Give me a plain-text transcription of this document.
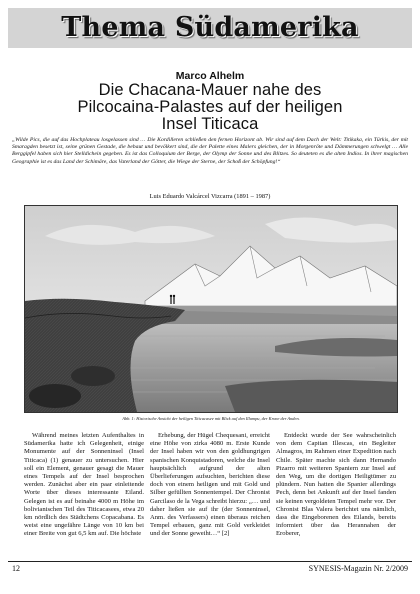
Thema Südamerika
Marco Alhelm
Die Chacana-Mauer nahe des
Pilcocaina-Palastes auf der heiligen
Insel Titicaca
„Wilde Pics, die auf das Hochplateau losgelassen sind … Die Kordilleren schließen den fernen Horizont ab. Wir sind auf dem Dach der Welt: Titikaka, ein Türkis, der mit Smaragden besetzt ist, seine grünen Gestade, die bebaut und bevölkert sind, die der Palette eines Malers gleichen, der in Morgenröte und Dämmerungen schwelgt … Alle Berggipfel haben sich hier Stelldichein gegeben. Es ist das Colloquium der Berge, der Olymp der Sonne und des Blitzes. So deuteten es die alten Indios. In ihrer magischen Geographie ist es das Land der Schimäre, das Vaterland der Götter, die Wiege der Sterne, der Schoß der Schöpfung!“
Luis Eduardo Valcárcel Vizcarra (1891 – 1987)
Abb. 1: Historische Ansicht der heiligen Titicacasee mit Blick auf den Illampu, der Krone der Anden.

Während meines letzten Aufenthaltes in Südamerika hatte ich Gelegenheit, einige Monumente auf der Sonneninsel (Insel Titicaca) (1) genauer zu untersuchen. Hier soll ein Element, genauer gesagt die Mauer eines Tempels auf der Insel besprochen werden. Zunächst aber ein paar einleitende Worte über dieses interessante Eiland. Gelegen ist es auf beinahe 4000 m Höhe im bolivianischen Teil des Titicacasees, etwa 20 km nördlich des Städtchens Copacabana. Es weist eine ungefähre Länge von 10 km bei einer Breite von gut 6,5 km auf. Die höchste

Erhebung, der Hügel Chequesani, erreicht eine Höhe von zirka 4080 m. Erste Kunde der Insel haben wir von den goldhungrigen spanischen Konquistadoren, welche die Insel hauptsächlich aufgrund der alten Überlieferungen aufsuchten, berichten diese doch von einem heiligen und mit Gold und Silber gefüllten Sonnentempel. Der Chronist Garcilaso de la Vega schreibt hierzu: „… und daher ließen sie auf ihr (der Sonneninsel, Anm. des Verfassers) einen überaus reichen Tempel erbauen, ganz mit Gold verkleidet und der Sonne geweiht…“ [2]

Entdeckt wurde der See wahrscheinlich von dem Capitan Illescas, ein Begleiter Almagros, im Rahmen einer Expedition nach Chile. Später machte sich dann Hernando Pizarro mit weiteren Spaniern zur Insel auf den Weg, um die dortigen Heiligtümer zu plündern. Nun hatten die Spanier allerdings Pech, denn bei Ankunft auf der Insel fanden sie keinen vergoldeten Tempel mehr vor. Der Chronist Blas Valera berichtet uns nämlich, dass die Eingeborenen des Eilands, bereits informiert über das Herannahen der Eroberer,

12	SYNESIS-Magazin Nr. 2/2009
